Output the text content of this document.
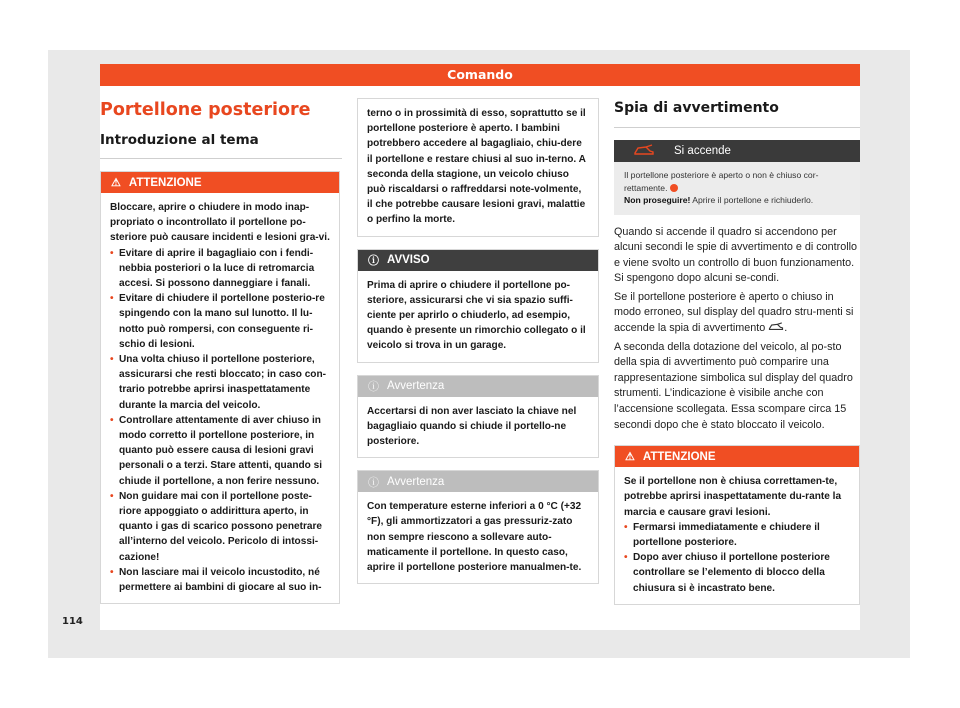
Comando
Portellone posteriore
Introduzione al tema
⚠ ATTENZIONE

Bloccare, aprire o chiudere in modo inap-propriato o incontrollato il portellone po-steriore può causare incidenti e lesioni gra-vi.

• Evitare di aprire il bagagliaio con i fendi-nebbia posteriori o la luce di retromarcia accesi. Si possono danneggiare i fanali.

• Evitare di chiudere il portellone posterio-re spingendo con la mano sul lunotto. Il lu-notto può rompersi, con conseguente ri-schio di lesioni.

• Una volta chiuso il portellone posteriore, assicurarsi che resti bloccato; in caso con-trario potrebbe aprirsi inaspettatamente durante la marcia del veicolo.

• Controllare attentamente di aver chiuso in modo corretto il portellone posteriore, in quanto può essere causa di lesioni gravi personali o a terzi. Stare attenti, quando si chiude il portellone, a non ferire nessuno.

• Non guidare mai con il portellone poste-riore appoggiato o addirittura aperto, in quanto i gas di scarico possono penetrare all’interno del veicolo. Pericolo di intossi-cazione!

• Non lasciare mai il veicolo incustodito, né permettere ai bambini di giocare al suo in-

terno o in prossimità di esso, soprattutto se il portellone posteriore è aperto. I bambini potrebbero accedere al bagagliaio, chiu-dere il portellone e restare chiusi al suo in-terno. A seconda della stagione, un veicolo chiuso può riscaldarsi o raffreddarsi note-volmente, il che potrebbe causare lesioni gravi, malattie o perfino la morte.
ⓘ AVVISO
Prima di aprire o chiudere il portellone po-steriore, assicurarsi che vi sia spazio suffi-ciente per aprirlo o chiuderlo, ad esempio, quando è presente un rimorchio collegato o il veicolo si trova in un garage.
ⓘ Avvertenza
Accertarsi di non aver lasciato la chiave nel bagagliaio quando si chiude il portello-ne posteriore.
ⓘ Avvertenza
Con temperature esterne inferiori a 0 °C (+32 °F), gli ammortizzatori a gas pressuriz-zato non sempre riescono a sollevare auto-maticamente il portellone. In questo caso, aprire il portellone posteriore manualmen-te.
Spia di avvertimento
Si accende
Il portellone posteriore è aperto o non è chiuso cor-rettamente.
Non proseguire! Aprire il portellone e richiuderlo.

Quando si accende il quadro si accendono per alcuni secondi le spie di avvertimento e di controllo e viene svolto un controllo di buon funzionamento. Si spengono dopo alcuni se-condi.

Se il portellone posteriore è aperto o chiuso in modo erroneo, sul display del quadro stru-menti si accende la spia di avvertimento .

A seconda della dotazione del veicolo, al po-sto della spia di avvertimento può comparire una rappresentazione simbolica sul display del quadro strumenti. L’indicazione è visibile anche con l’accensione scollegata. Essa scompare circa 15 secondi dopo che è stato bloccato il veicolo.

⚠ ATTENZIONE

Se il portellone non è chiusa correttamen-te, potrebbe aprirsi inaspettatamente du-rante la marcia e causare gravi lesioni.

• Fermarsi immediatamente e chiudere il portellone posteriore.

• Dopo aver chiuso il portellone posteriore controllare se l’elemento di blocco della chiusura si è incastrato bene.

114
